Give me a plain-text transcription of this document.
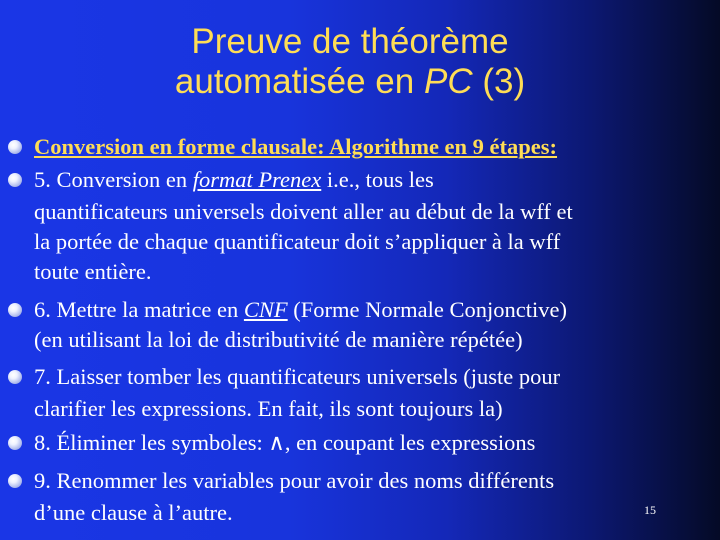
Preuve de théorème
automatisée en PC (3)
Conversion en forme clausale: Algorithme en 9 étapes:
5. Conversion en format Prenex i.e., tous les
quantificateurs universels doivent aller au début de la wff et
la portée de chaque quantificateur doit s’appliquer à la wff
toute entière.
6. Mettre la matrice en CNF (Forme Normale Conjonctive)
(en utilisant la loi de distributivité de manière répétée)
7. Laisser tomber les quantificateurs universels (juste pour
clarifier les expressions. En fait, ils sont toujours la)
8. Éliminer les symboles: ∧, en coupant les expressions
9. Renommer les variables pour avoir des noms différents
d’une clause à l’autre.	15
